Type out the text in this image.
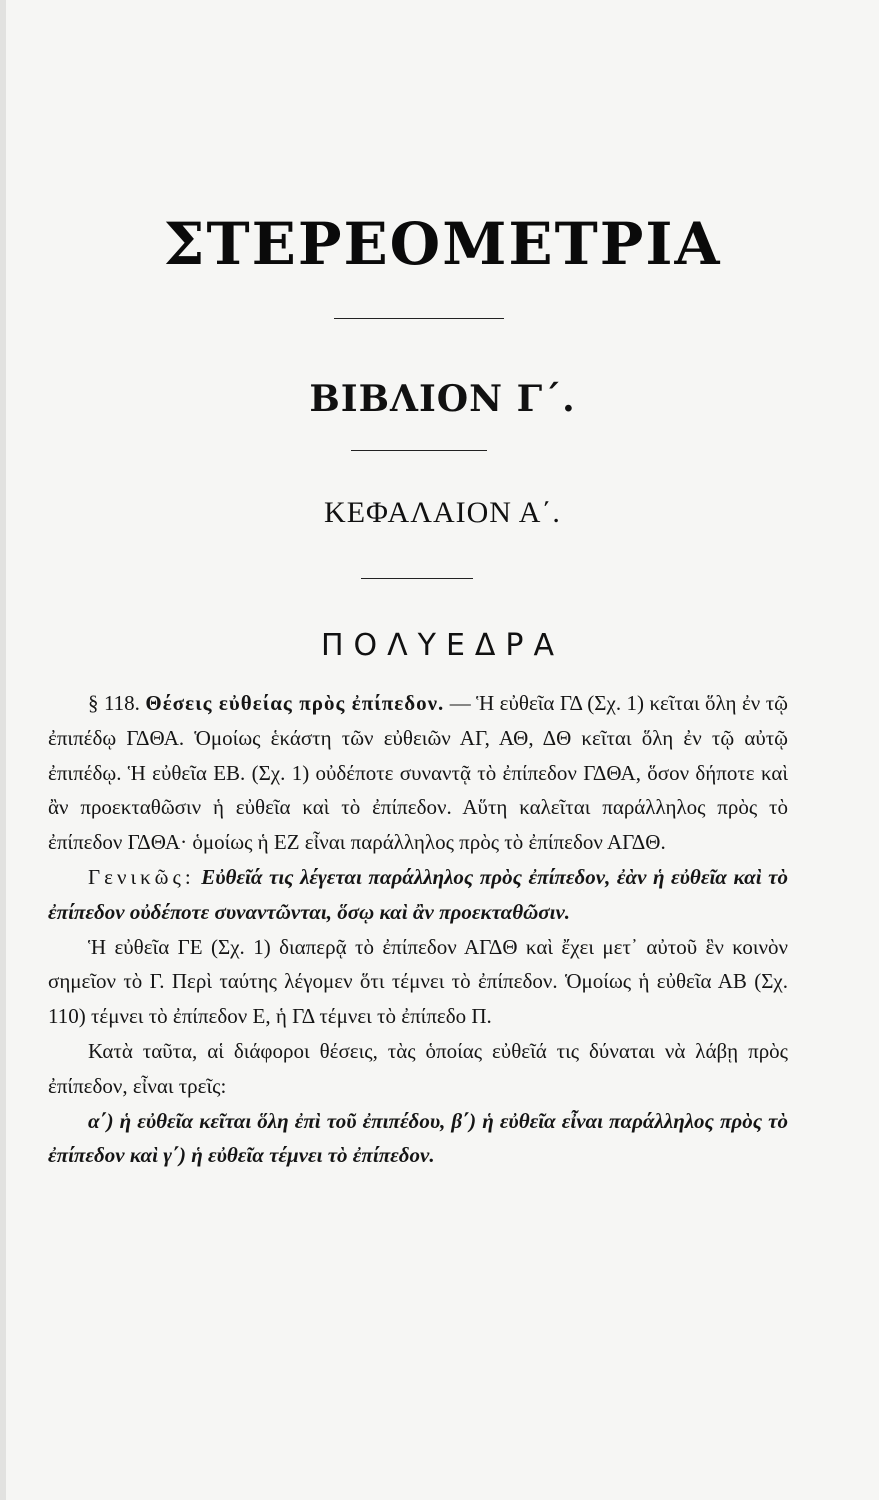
ΣΤΕΡΕΟΜΕΤΡΙΑ
ΒΙΒΛΙΟΝ Γ΄.
ΚΕΦΑΛΑΙΟΝ Α΄.
ΠΟΛΥΕΔΡΑ

§ 118. Θέσεις εὐθείας πρὸς ἐπίπεδον. — Ἡ εὐθεῖα ΓΔ (Σχ. 1) κεῖται ὅλη ἐν τῷ ἐπιπέδῳ ΓΔΘΑ. Ὁμοίως ἑκάστη τῶν εὐθειῶν ΑΓ, ΑΘ, ΔΘ κεῖται ὅλη ἐν τῷ αὐτῷ ἐπιπέδῳ. Ἡ εὐθεῖα ΕΒ. (Σχ. 1) οὐδέποτε συναντᾷ τὸ ἐπίπεδον ΓΔΘΑ, ὅσον δήποτε καὶ ἂν προεκταθῶσιν ἡ εὐθεῖα καὶ τὸ ἐπίπεδον. Αὕτη καλεῖται παράλληλος πρὸς τὸ ἐπίπεδον ΓΔΘΑ· ὁμοίως ἡ ΕΖ εἶναι παράλληλος πρὸς τὸ ἐπίπεδον ΑΓΔΘ.

Γενικῶς: Εὐθεῖά τις λέγεται παράλληλος πρὸς ἐπίπεδον, ἐὰν ἡ εὐθεῖα καὶ τὸ ἐπίπεδον οὐδέποτε συναντῶνται, ὅσῳ καὶ ἂν προεκταθῶσιν.

Ἡ εὐθεῖα ΓΕ (Σχ. 1) διαπερᾷ τὸ ἐπίπεδον ΑΓΔΘ καὶ ἔχει μετ᾽ αὐτοῦ ἓν κοινὸν σημεῖον τὸ Γ. Περὶ ταύτης λέγομεν ὅτι τέμνει τὸ ἐπίπεδον. Ὁμοίως ἡ εὐθεῖα ΑΒ (Σχ. 110) τέμνει τὸ ἐπίπεδον Ε, ἡ ΓΔ τέμνει τὸ ἐπίπεδο Π.

Κατὰ ταῦτα, αἱ διάφοροι θέσεις, τὰς ὁποίας εὐθεῖά τις δύναται νὰ λάβῃ πρὸς ἐπίπεδον, εἶναι τρεῖς:

α΄) ἡ εὐθεῖα κεῖται ὅλη ἐπὶ τοῦ ἐπιπέδου, β΄) ἡ εὐθεῖα εἶναι παράλληλος πρὸς τὸ ἐπίπεδον καὶ γ΄) ἡ εὐθεῖα τέμνει τὸ ἐπίπεδον.
